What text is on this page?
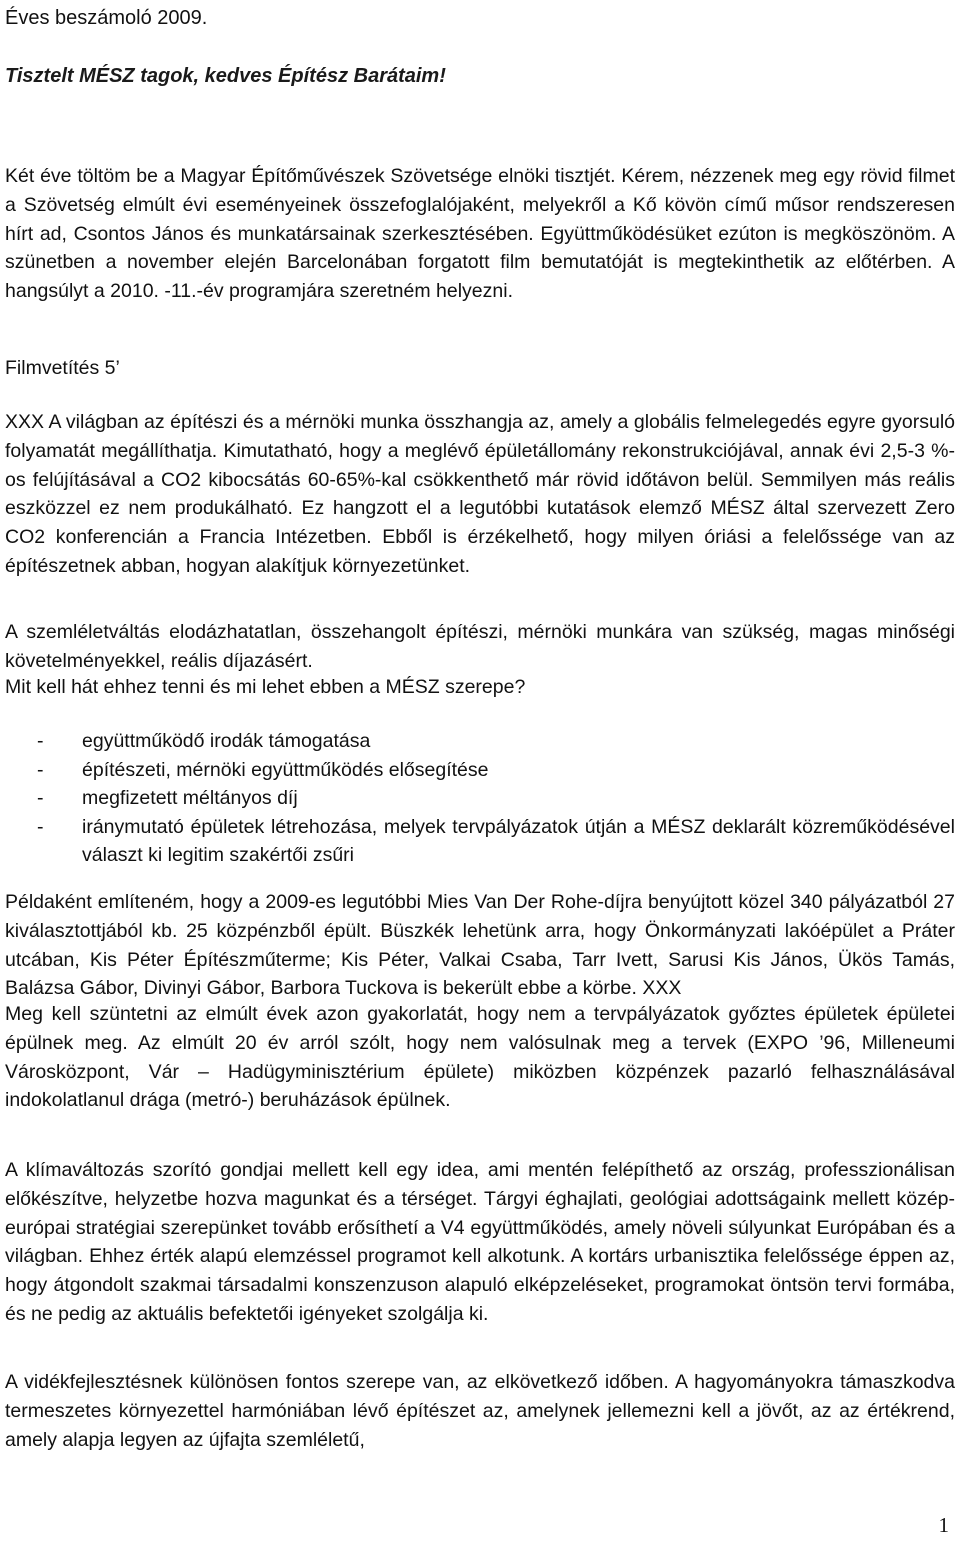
Éves beszámoló 2009.

Tisztelt MÉSZ tagok, kedves Építész Barátaim!

Két éve töltöm be a Magyar Építőművészek Szövetsége elnöki tisztjét. Kérem, nézzenek meg egy rövid filmet a Szövetség elmúlt évi eseményeinek összefoglalójaként, melyekről a Kő kövön című műsor rendszeresen hírt ad, Csontos János és munkatársainak szerkesztésében. Együttműködésüket ezúton is megköszönöm. A szünetben a november elején Barcelonában forgatott film bemutatóját is megtekinthetik az előtérben. A hangsúlyt a 2010. -11.-év programjára szeretném helyezni.

Filmvetítés 5’

XXX A világban az építészi és a mérnöki munka összhangja az, amely a globális felmelegedés egyre gyorsuló folyamatát megállíthatja. Kimutatható, hogy a meglévő épületállomány rekonstrukciójával, annak évi 2,5-3 %-os felújításával a CO2 kibocsátás 60-65%-kal csökkenthető már rövid időtávon belül. Semmilyen más reális eszközzel ez nem produkálható. Ez hangzott el a legutóbbi kutatások elemző MÉSZ által szervezett Zero CO2 konferencián a Francia Intézetben. Ebből is érzékelhető, hogy milyen óriási a felelőssége van az építészetnek abban, hogyan alakítjuk környezetünket.

A szemléletváltás elodázhatatlan, összehangolt építészi, mérnöki munkára van szükség, magas minőségi követelményekkel, reális díjazásért.

Mit kell hát ehhez tenni és mi lehet ebben a MÉSZ szerepe?

- együttműködő irodák támogatása
- építészeti, mérnöki együttműködés elősegítése
- megfizetett méltányos díj
- iránymutató épületek létrehozása, melyek tervpályázatok útján a MÉSZ deklarált közreműködésével választ ki legitim szakértői zsűri

Példaként említeném, hogy a 2009-es legutóbbi Mies Van Der Rohe-díjra benyújtott közel 340 pályázatból 27 kiválasztottjából kb. 25 közpénzből épült. Büszkék lehetünk arra, hogy Önkormányzati lakóépület a Práter utcában, Kis Péter Építészműterme; Kis Péter, Valkai Csaba, Tarr Ivett, Sarusi Kis János, Ükös Tamás, Balázsa Gábor, Divinyi Gábor, Barbora Tuckova is bekerült ebbe a körbe. XXX

Meg kell szüntetni az elmúlt évek azon gyakorlatát, hogy nem a tervpályázatok győztes épületek épületei épülnek meg. Az elmúlt 20 év arról szólt, hogy nem valósulnak meg a tervek (EXPO ’96, Milleneumi Városközpont, Vár – Hadügyminisztérium épülete) miközben közpénzek pazarló felhasználásával indokolatlanul drága (metró-) beruházások épülnek.

A klímaváltozás szorító gondjai mellett kell egy idea, ami mentén felépíthető az ország, professzionálisan előkészítve, helyzetbe hozva magunkat és a térséget. Tárgyi éghajlati, geológiai adottságaink mellett közép-európai stratégiai szerepünket tovább erősíthetí a V4 együttműködés, amely növeli súlyunkat Európában és a világban. Ehhez érték alapú elemzéssel programot kell alkotunk. A kortárs urbanisztika felelőssége éppen az, hogy átgondolt szakmai társadalmi konszenzuson alapuló elképzeléseket, programokat öntsön tervi formába, és ne pedig az aktuális befektetői igényeket szolgálja ki.

A vidékfejlesztésnek különösen fontos szerepe van, az elkövetkező időben. A hagyományokra támaszkodva termeszetes környezettel harmóniában lévő építészet az, amelynek jellemezni kell a jövőt, az az értékrend, amely alapja legyen az újfajta szemléletű,

1
